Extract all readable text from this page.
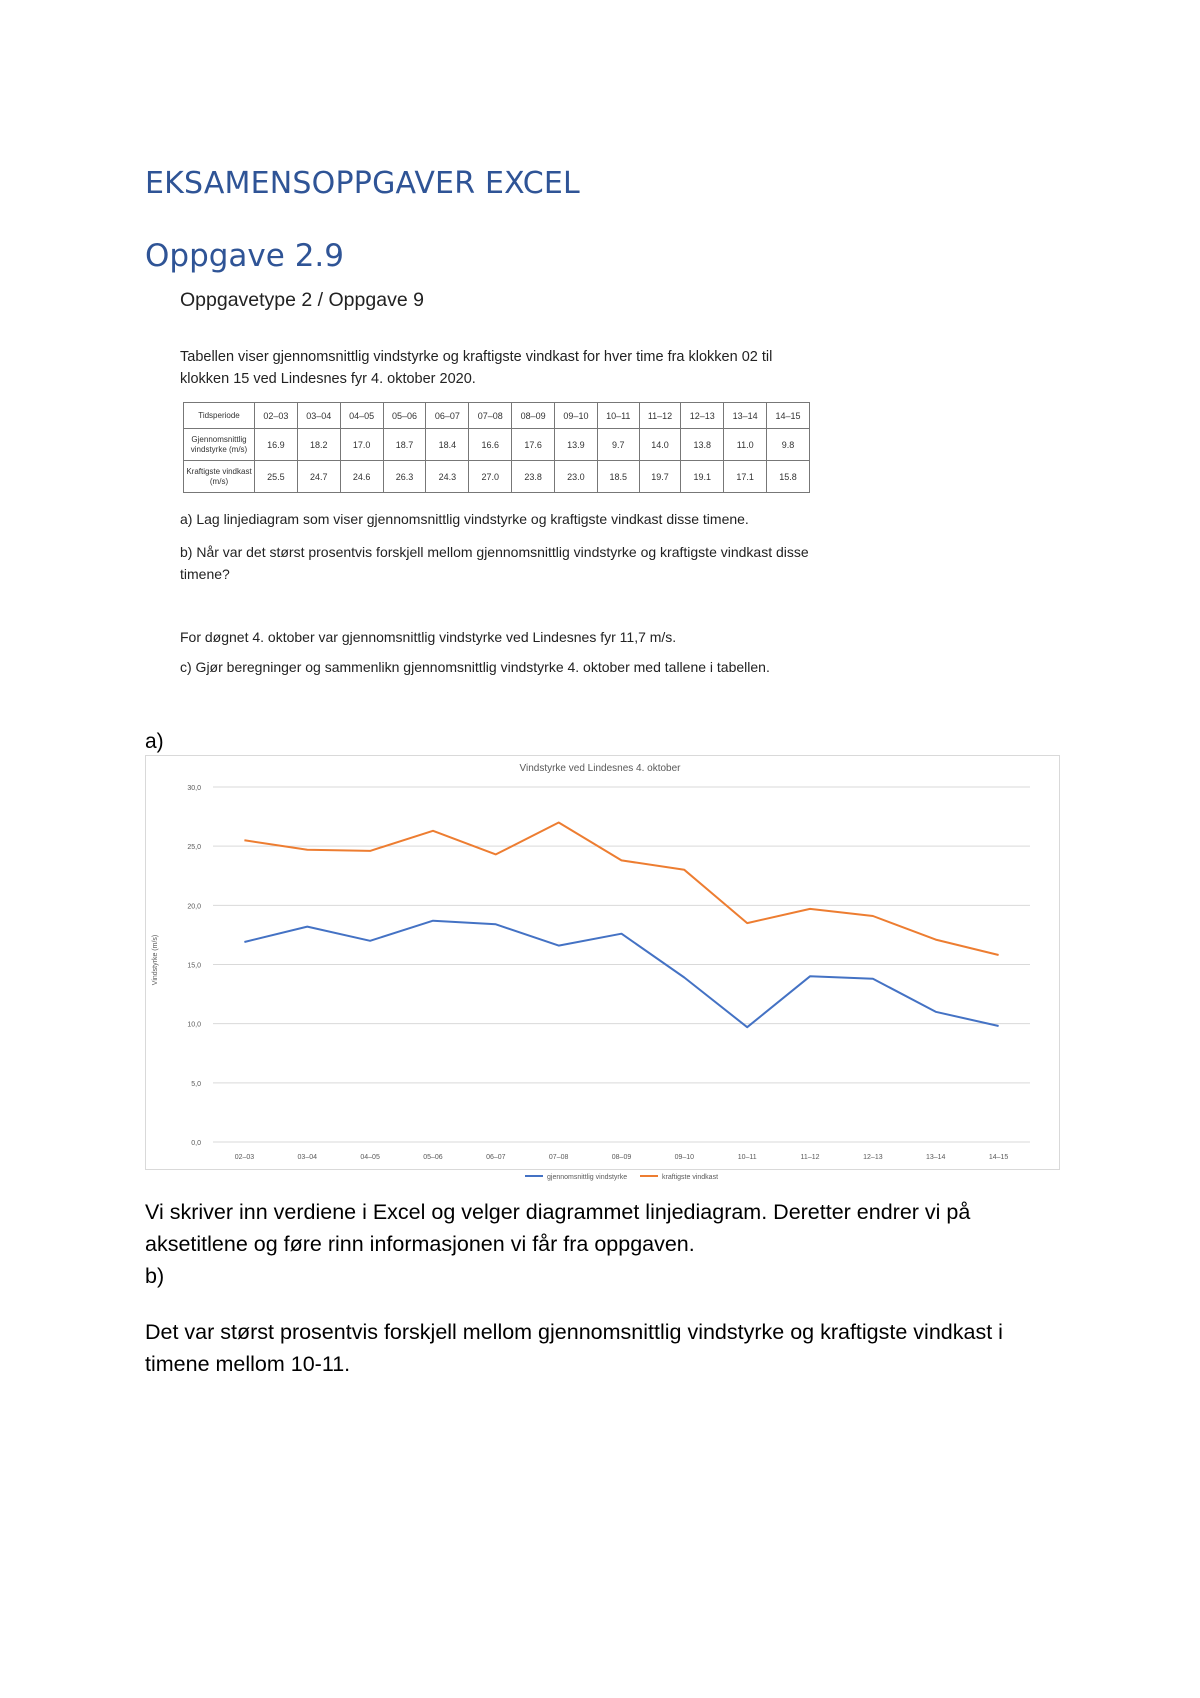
EKSAMENSOPPGAVER EXCEL
Oppgave 2.9
Oppgavetype 2 / Oppgave 9
Tabellen viser gjennomsnittlig vindstyrke og kraftigste vindkast for hver time fra klokken 02 til klokken 15 ved Lindesnes fyr 4. oktober 2020.
Tidsperiode	02–03	03–04	04–05	05–06	06–07	07–08	08–09	09–10	10–11	11–12	12–13	13–14	14–15
Gjennomsnittlig vindstyrke (m/s)	16.9	18.2	17.0	18.7	18.4	16.6	17.6	13.9	9.7	14.0	13.8	11.0	9.8
Kraftigste vindkast (m/s)	25.5	24.7	24.6	26.3	24.3	27.0	23.8	23.0	18.5	19.7	19.1	17.1	15.8
a) Lag linjediagram som viser gjennomsnittlig vindstyrke og kraftigste vindkast disse timene.
b) Når var det størst prosentvis forskjell mellom gjennomsnittlig vindstyrke og kraftigste vindkast disse timene?
For døgnet 4. oktober var gjennomsnittlig vindstyrke ved Lindesnes fyr 11,7 m/s.
c) Gjør beregninger og sammenlikn gjennomsnittlig vindstyrke 4. oktober med tallene i tabellen.
a)
Vindstyrke ved Lindesnes 4. oktober
Vindstyrke (m/s)
0,0
5,0
10,0
15,0
20,0
25,0
30,0
02–03	03–04	04–05	05–06	06–07	07–08	08–09	09–10	10–11	11–12	12–13	13–14	14–15
gjennomsnittlig vindstyrke	kraftigste vindkast
Vi skriver inn verdiene i Excel og velger diagrammet linjediagram. Deretter endrer vi på aksetitlene og føre rinn informasjonen vi får fra oppgaven.
b)
Det var størst prosentvis forskjell mellom gjennomsnittlig vindstyrke og kraftigste vindkast i timene mellom 10-11.
